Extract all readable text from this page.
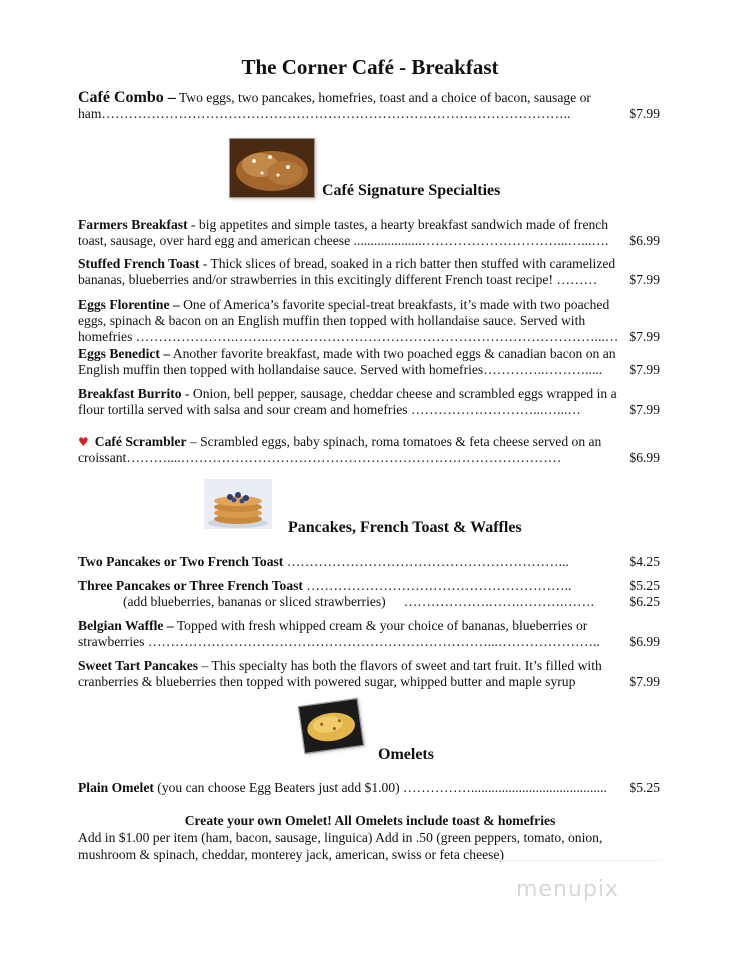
The Corner Café - Breakfast
Café Combo – Two eggs, two pancakes, homefries, toast and a choice of bacon, sausage or
$7.99
ham…………………………………………………………………………………………..
Café Signature Specialties
Farmers Breakfast - big appetites and simple tastes, a hearty breakfast sandwich made of french
$6.99
toast, sausage, over hard egg and american cheese ....................…………………………...…...….
Stuffed French Toast - Thick slices of bread, soaked in a rich batter then stuffed with caramelized
$7.99
bananas, blueberries and/or strawberries in this excitingly different French toast recipe! ………
Eggs Florentine – One of America’s favorite special-treat breakfasts, it’s made with two poached
eggs, spinach & bacon on an English muffin then topped with hollandaise sauce. Served with
$7.99
homefries ………………….……..………………………………………………………………...…
Eggs Benedict – Another favorite breakfast, made with two poached eggs & canadian bacon on an
$7.99
English muffin then topped with hollandaise sauce. Served with homefries…………..……….....
Breakfast Burrito - Onion, bell pepper, sausage, cheddar cheese and scrambled eggs wrapped in a
$7.99
flour tortilla served with salsa and sour cream and homefries ………………………...…...…
♥ Café Scrambler – Scrambled eggs, baby spinach, roma tomatoes & feta cheese served on an
$6.99
croissant………....…………………………………………………………………………
Pancakes, French Toast & Waffles
$4.25
Two Pancakes or Two French Toast ……………………………………………………...
$5.25
Three Pancakes or Three French Toast …………………………………………………..
$6.25
(add blueberries, bananas or sliced strawberries) ……………….…….……….…….
Belgian Waffle – Topped with fresh whipped cream & your choice of bananas, blueberries or
$6.99
strawberries …………………………………………………………………...…………………..
Sweet Tart Pancakes – This specialty has both the flavors of sweet and tart fruit. It’s filled with
$7.99
cranberries & blueberries then topped with powered sugar, whipped butter and maple syrup
Omelets
$5.25
Plain Omelet (you can choose Egg Beaters just add $1.00) ……………........................................
Create your own Omelet! All Omelets include toast & homefries
Add in $1.00 per item (ham, bacon, sausage, linguica) Add in .50 (green peppers, tomato, onion,
mushroom & spinach, cheddar, monterey jack, american, swiss or feta cheese)
menupix
